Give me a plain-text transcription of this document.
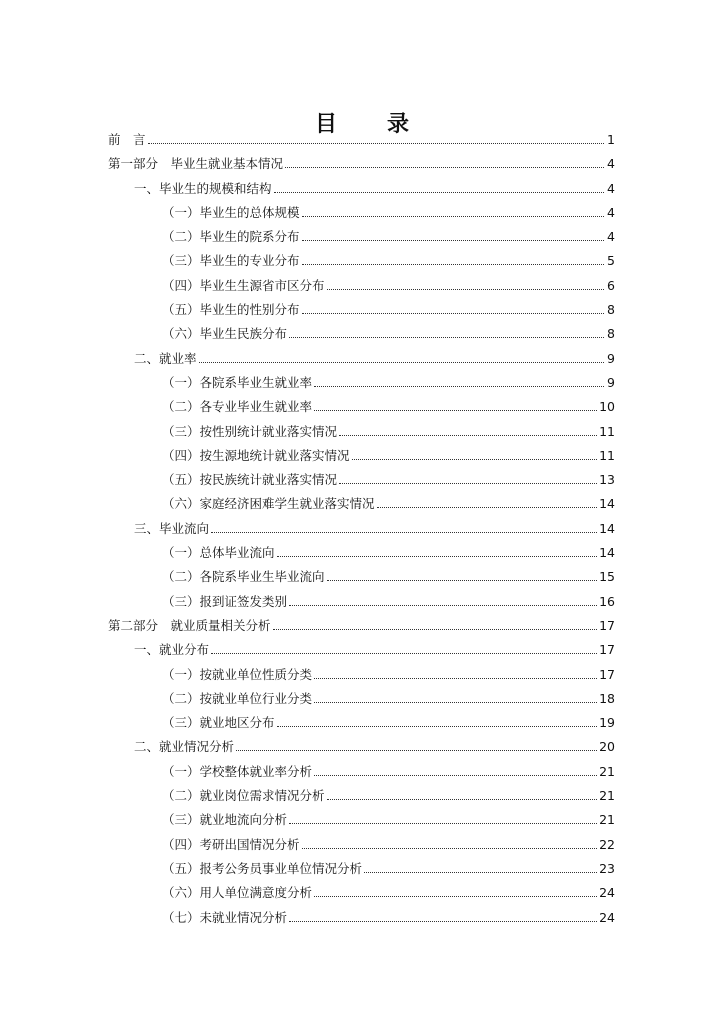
目　录
前　言	1
第一部分　毕业生就业基本情况	4
一、毕业生的规模和结构	4
（一）毕业生的总体规模	4
（二）毕业生的院系分布	4
（三）毕业生的专业分布	5
（四）毕业生生源省市区分布	6
（五）毕业生的性别分布	8
（六）毕业生民族分布	8
二、就业率	9
（一）各院系毕业生就业率	9
（二）各专业毕业生就业率	10
（三）按性别统计就业落实情况	11
（四）按生源地统计就业落实情况	11
（五）按民族统计就业落实情况	13
（六）家庭经济困难学生就业落实情况	14
三、毕业流向	14
（一）总体毕业流向	14
（二）各院系毕业生毕业流向	15
（三）报到证签发类别	16
第二部分　就业质量相关分析	17
一、就业分布	17
（一）按就业单位性质分类	17
（二）按就业单位行业分类	18
（三）就业地区分布	19
二、就业情况分析	20
（一）学校整体就业率分析	21
（二）就业岗位需求情况分析	21
（三）就业地流向分析	21
（四）考研出国情况分析	22
（五）报考公务员事业单位情况分析	23
（六）用人单位满意度分析	24
（七）未就业情况分析	24
